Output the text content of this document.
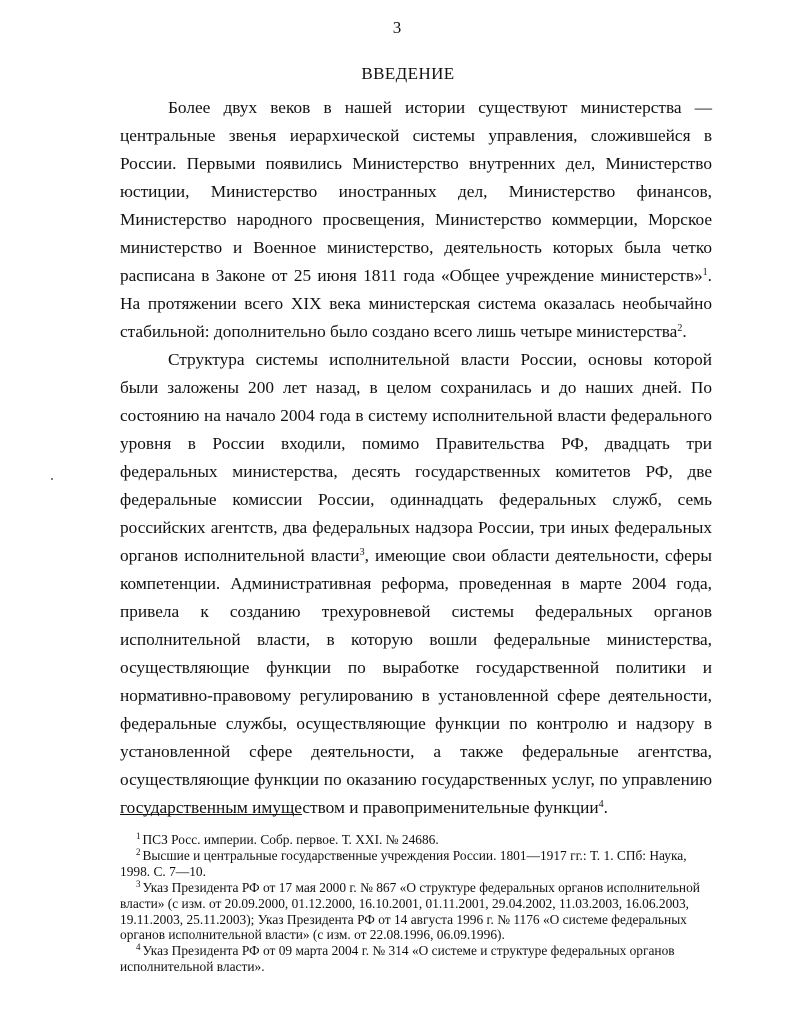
3
ВВЕДЕНИЕ

Более двух веков в нашей истории существуют министерства — центральные звенья иерархической системы управления, сложившейся в России. Первыми появились Министерство внутренних дел, Министерство юстиции, Министерство иностранных дел, Министерство финансов, Министерство народного просвещения, Министерство коммерции, Морское министерство и Военное министерство, деятельность которых была четко расписана в Законе от 25 июня 1811 года «Общее учреждение министерств»$^1$. На протяжении всего XIX века министерская система оказалась необычайно стабильной: дополнительно было создано всего лишь четыре министерства$^2$.

Структура системы исполнительной власти России, основы которой были заложены 200 лет назад, в целом сохранилась и до наших дней. По состоянию на начало 2004 года в систему исполнительной власти федерального уровня в России входили, помимо Правительства РФ, двадцать три федеральных министерства, десять государственных комитетов РФ, две федеральные комиссии России, одиннадцать федеральных служб, семь российских агентств, два федеральных надзора России, три иных федеральных органов исполнительной власти$^3$, имеющие свои области деятельности, сферы компетенции. Административная реформа, проведенная в марте 2004 года, привела к созданию трехуровневой системы федеральных органов исполнительной власти, в которую вошли федеральные министерства, осуществляющие функции по выработке государственной политики и нормативно-правовому регулированию в установленной сфере деятельности, федеральные службы, осуществляющие функции по контролю и надзору в установленной сфере деятельности, а также федеральные агентства, осуществляющие функции по оказанию государственных услуг, по управлению государственным имуществом и правоприменительные функции$^4$.

$^1$ ПСЗ Росс. империи. Собр. первое. Т. XXI. № 24686.

$^2$ Высшие и центральные государственные учреждения России. 1801—1917 гг.: Т. 1. СПб: Наука, 1998. С. 7—10.

$^3$ Указ Президента РФ от 17 мая 2000 г. № 867 «О структуре федеральных органов исполнительной власти» (с изм. от 20.09.2000, 01.12.2000, 16.10.2001, 01.11.2001, 29.04.2002, 11.03.2003, 16.06.2003, 19.11.2003, 25.11.2003); Указ Президента РФ от 14 августа 1996 г. № 1176 «О системе федеральных органов исполнительной власти» (с изм. от 22.08.1996, 06.09.1996).

$^4$ Указ Президента РФ от 09 марта 2004 г. № 314 «О системе и структуре федеральных органов исполнительной власти».
